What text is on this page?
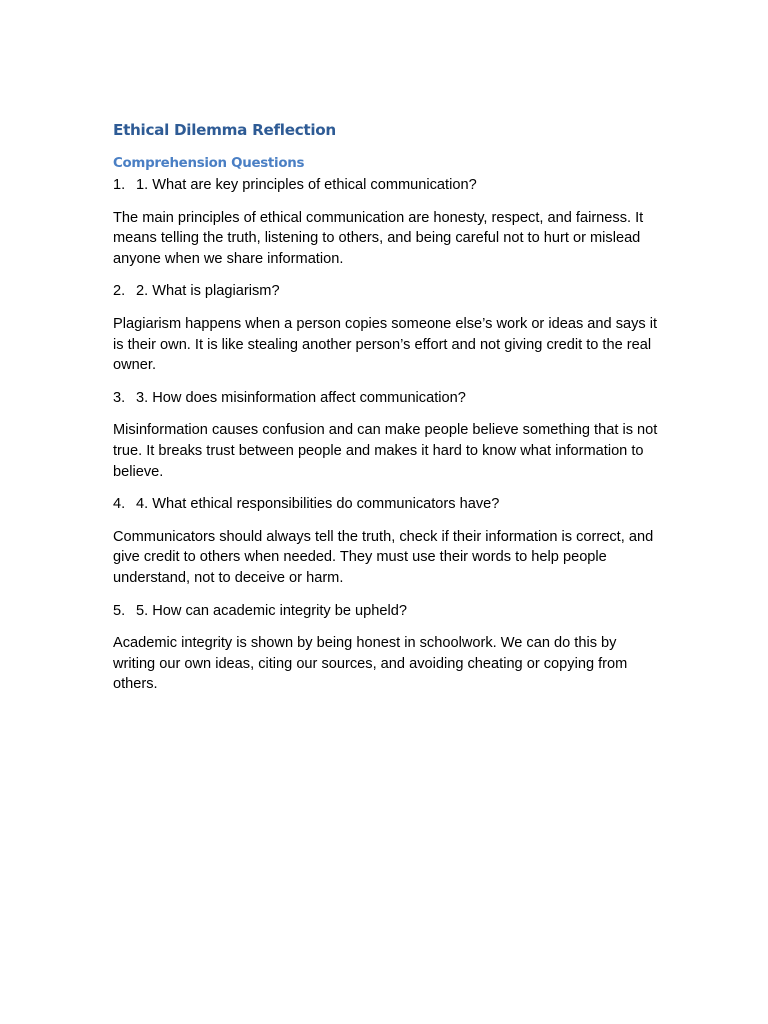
Ethical Dilemma Reflection
Comprehension Questions
1. 1. What are key principles of ethical communication?

The main principles of ethical communication are honesty, respect, and fairness. It means telling the truth, listening to others, and being careful not to hurt or mislead anyone when we share information.

2. 2. What is plagiarism?

Plagiarism happens when a person copies someone else’s work or ideas and says it is their own. It is like stealing another person’s effort and not giving credit to the real owner.

3. 3. How does misinformation affect communication?

Misinformation causes confusion and can make people believe something that is not true. It breaks trust between people and makes it hard to know what information to believe.

4. 4. What ethical responsibilities do communicators have?

Communicators should always tell the truth, check if their information is correct, and give credit to others when needed. They must use their words to help people understand, not to deceive or harm.

5. 5. How can academic integrity be upheld?

Academic integrity is shown by being honest in schoolwork. We can do this by writing our own ideas, citing our sources, and avoiding cheating or copying from others.
